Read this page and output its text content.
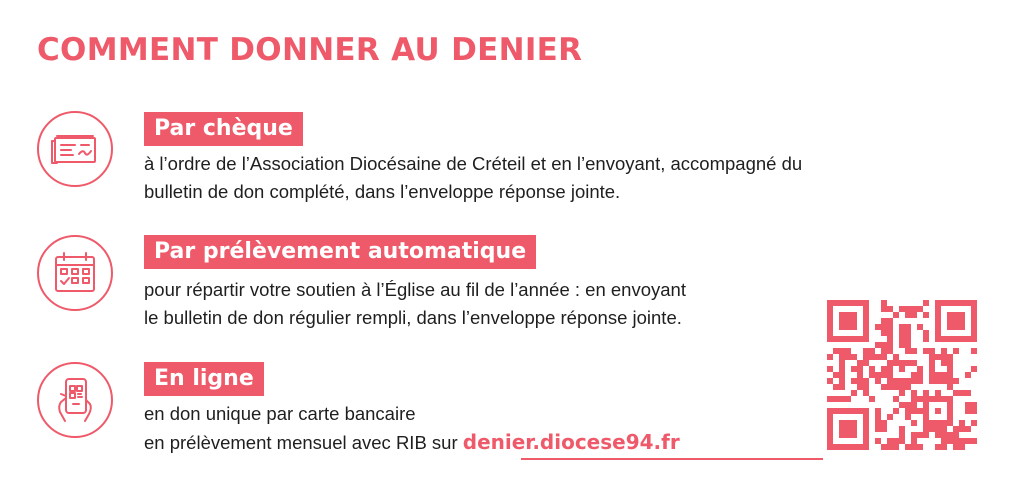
COMMENT DONNER AU DENIER
Par chèque
à l’ordre de l’Association Diocésaine de Créteil et en l’envoyant, accompagné du
bulletin de don complété, dans l’enveloppe réponse jointe.
Par prélèvement automatique
pour répartir votre soutien à l’Église au fil de l’année : en envoyant
le bulletin de don régulier rempli, dans l’enveloppe réponse jointe.
En ligne
en don unique par carte bancaire
en prélèvement mensuel avec RIB sur denier.diocese94.fr
